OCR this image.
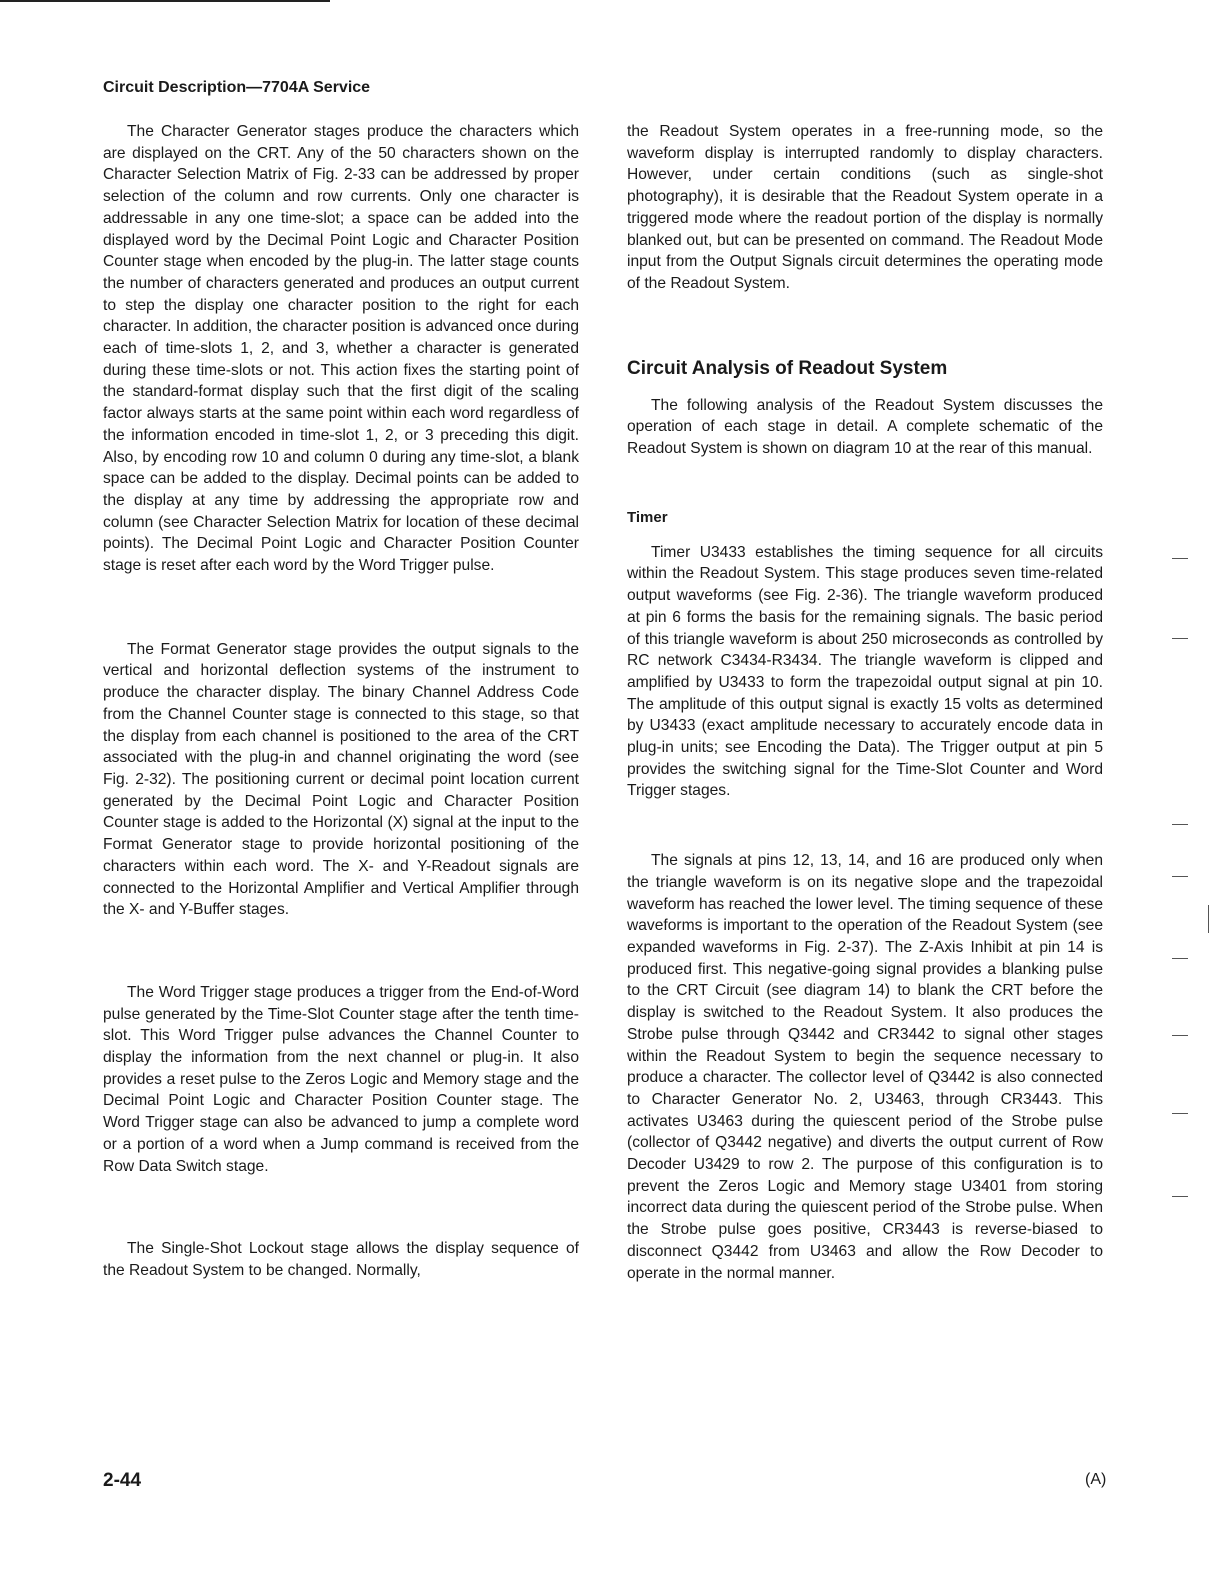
Circuit Description—7704A Service

The Character Generator stages produce the characters which are displayed on the CRT. Any of the 50 characters shown on the Character Selection Matrix of Fig. 2-33 can be addressed by proper selection of the column and row currents. Only one character is addressable in any one time-slot; a space can be added into the displayed word by the Decimal Point Logic and Character Position Counter stage when encoded by the plug-in. The latter stage counts the number of characters generated and produces an output current to step the display one character position to the right for each character. In addition, the character position is advanced once during each of time-slots 1, 2, and 3, whether a character is generated during these time-slots or not. This action fixes the starting point of the standard-format display such that the first digit of the scaling factor always starts at the same point within each word regardless of the information encoded in time-slot 1, 2, or 3 preceding this digit. Also, by encoding row 10 and column 0 during any time-slot, a blank space can be added to the display. Decimal points can be added to the display at any time by addressing the appropriate row and column (see Character Selection Matrix for location of these decimal points). The Decimal Point Logic and Character Position Counter stage is reset after each word by the Word Trigger pulse.

The Format Generator stage provides the output signals to the vertical and horizontal deflection systems of the instrument to produce the character display. The binary Channel Address Code from the Channel Counter stage is connected to this stage, so that the display from each channel is positioned to the area of the CRT associated with the plug-in and channel originating the word (see Fig. 2-32). The positioning current or decimal point location current generated by the Decimal Point Logic and Character Position Counter stage is added to the Horizontal (X) signal at the input to the Format Generator stage to provide horizontal positioning of the characters within each word. The X- and Y-Readout signals are connected to the Horizontal Amplifier and Vertical Amplifier through the X- and Y-Buffer stages.

The Word Trigger stage produces a trigger from the End-of-Word pulse generated by the Time-Slot Counter stage after the tenth time-slot. This Word Trigger pulse advances the Channel Counter to display the information from the next channel or plug-in. It also provides a reset pulse to the Zeros Logic and Memory stage and the Decimal Point Logic and Character Position Counter stage. The Word Trigger stage can also be advanced to jump a complete word or a portion of a word when a Jump command is received from the Row Data Switch stage.

The Single-Shot Lockout stage allows the display sequence of the Readout System to be changed. Normally,

the Readout System operates in a free-running mode, so the waveform display is interrupted randomly to display characters. However, under certain conditions (such as single-shot photography), it is desirable that the Readout System operate in a triggered mode where the readout portion of the display is normally blanked out, but can be presented on command. The Readout Mode input from the Output Signals circuit determines the operating mode of the Readout System.

Circuit Analysis of Readout System

The following analysis of the Readout System discusses the operation of each stage in detail. A complete schematic of the Readout System is shown on diagram 10 at the rear of this manual.

Timer

Timer U3433 establishes the timing sequence for all circuits within the Readout System. This stage produces seven time-related output waveforms (see Fig. 2-36). The triangle waveform produced at pin 6 forms the basis for the remaining signals. The basic period of this triangle waveform is about 250 microseconds as controlled by RC network C3434-R3434. The triangle waveform is clipped and amplified by U3433 to form the trapezoidal output signal at pin 10. The amplitude of this output signal is exactly 15 volts as determined by U3433 (exact amplitude necessary to accurately encode data in plug-in units; see Encoding the Data). The Trigger output at pin 5 provides the switching signal for the Time-Slot Counter and Word Trigger stages.

The signals at pins 12, 13, 14, and 16 are produced only when the triangle waveform is on its negative slope and the trapezoidal waveform has reached the lower level. The timing sequence of these waveforms is important to the operation of the Readout System (see expanded waveforms in Fig. 2-37). The Z-Axis Inhibit at pin 14 is produced first. This negative-going signal provides a blanking pulse to the CRT Circuit (see diagram 14) to blank the CRT before the display is switched to the Readout System. It also produces the Strobe pulse through Q3442 and CR3442 to signal other stages within the Readout System to begin the sequence necessary to produce a character. The collector level of Q3442 is also connected to Character Generator No. 2, U3463, through CR3443. This activates U3463 during the quiescent period of the Strobe pulse (collector of Q3442 negative) and diverts the output current of Row Decoder U3429 to row 2. The purpose of this configuration is to prevent the Zeros Logic and Memory stage U3401 from storing incorrect data during the quiescent period of the Strobe pulse. When the Strobe pulse goes positive, CR3443 is reverse-biased to disconnect Q3442 from U3463 and allow the Row Decoder to operate in the normal manner.

2-44	(A)
